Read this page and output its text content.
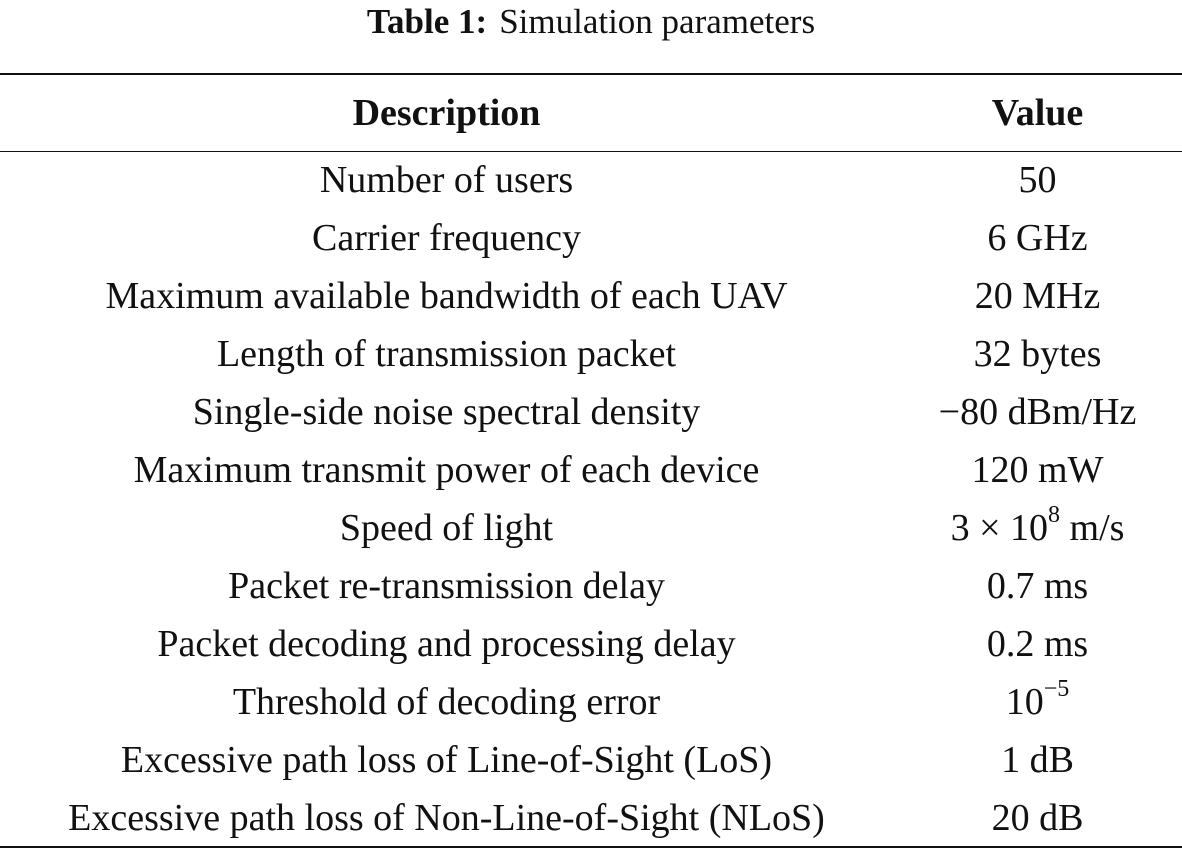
Table 1: Simulation parameters
Description	Value
Number of users	50
Carrier frequency	6 GHz
Maximum available bandwidth of each UAV	20 MHz
Length of transmission packet	32 bytes
Single-side noise spectral density	−80 dBm/Hz
Maximum transmit power of each device	120 mW
Speed of light	$3 \times 10^8$ m/s
Packet re-transmission delay	0.7 ms
Packet decoding and processing delay	0.2 ms
Threshold of decoding error	$10^{-5}$
Excessive path loss of Line-of-Sight (LoS)	1 dB
Excessive path loss of Non-Line-of-Sight (NLoS)	20 dB
